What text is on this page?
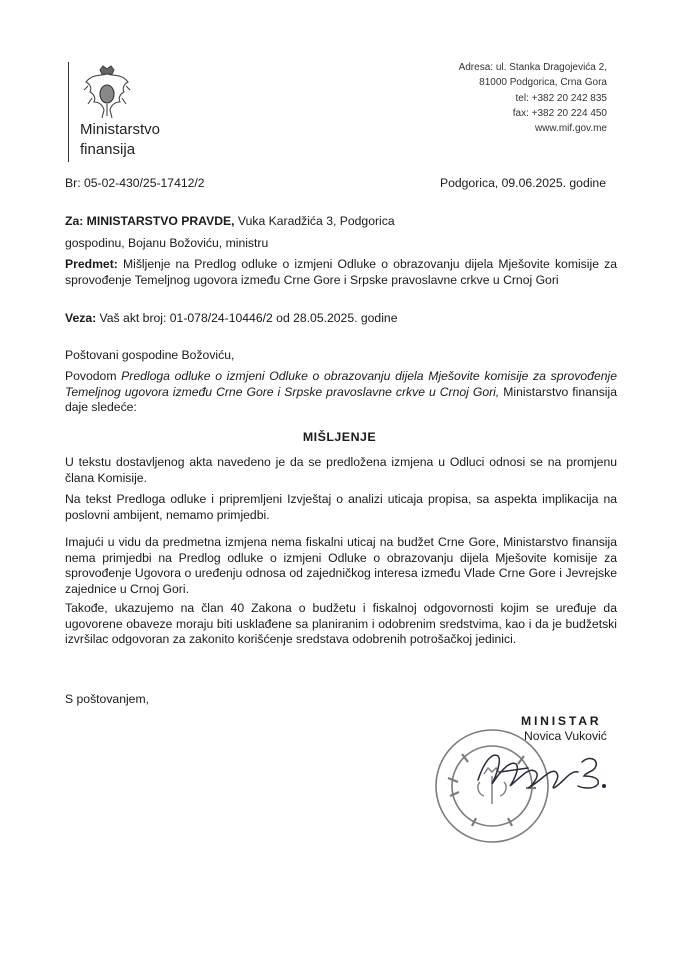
Ministarstvo
finansija
Adresa: ul. Stanka Dragojevića 2,
81000 Podgorica, Crna Gora
tel: +382 20 242 835
fax: +382 20 224 450
www.mif.gov.me
Br: 05-02-430/25-17412/2	Podgorica, 09.06.2025. godine
Za: MINISTARSTVO PRAVDE, Vuka Karadžića 3, Podgorica
gospodinu, Bojanu Božoviću, ministru
Predmet: Mišljenje na Predlog odluke o izmjeni Odluke o obrazovanju dijela Mješovite komisije za sprovođenje Temeljnog ugovora između Crne Gore i Srpske pravoslavne crkve u Crnoj Gori
Veza: Vaš akt broj: 01-078/24-10446/2 od 28.05.2025. godine
Poštovani gospodine Božoviću,
Povodom Predloga odluke o izmjeni Odluke o obrazovanju dijela Mješovite komisije za sprovođenje Temeljnog ugovora između Crne Gore i Srpske pravoslavne crkve u Crnoj Gori, Ministarstvo finansija daje sledeće:
MIŠLJENJE
U tekstu dostavljenog akta navedeno je da se predložena izmjena u Odluci odnosi se na promjenu člana Komisije.
Na tekst Predloga odluke i pripremljeni Izvještaj o analizi uticaja propisa, sa aspekta implikacija na poslovni ambijent, nemamo primjedbi.
Imajući u vidu da predmetna izmjena nema fiskalni uticaj na budžet Crne Gore, Ministarstvo finansija nema primjedbi na Predlog odluke o izmjeni Odluke o obrazovanju dijela Mješovite komisije za sprovođenje Ugovora o uređenju odnosa od zajedničkog interesa između Vlade Crne Gore i Jevrejske zajednice u Crnoj Gori.
Takođe, ukazujemo na član 40 Zakona o budžetu i fiskalnoj odgovornosti kojim se uređuje da ugovorene obaveze moraju biti usklađene sa planiranim i odobrenim sredstvima, kao i da je budžetski izvršilac odgovoran za zakonito korišćenje sredstava odobrenih potrošačkoj jedinici.
S poštovanjem,
MINISTAR
Novica Vuković
